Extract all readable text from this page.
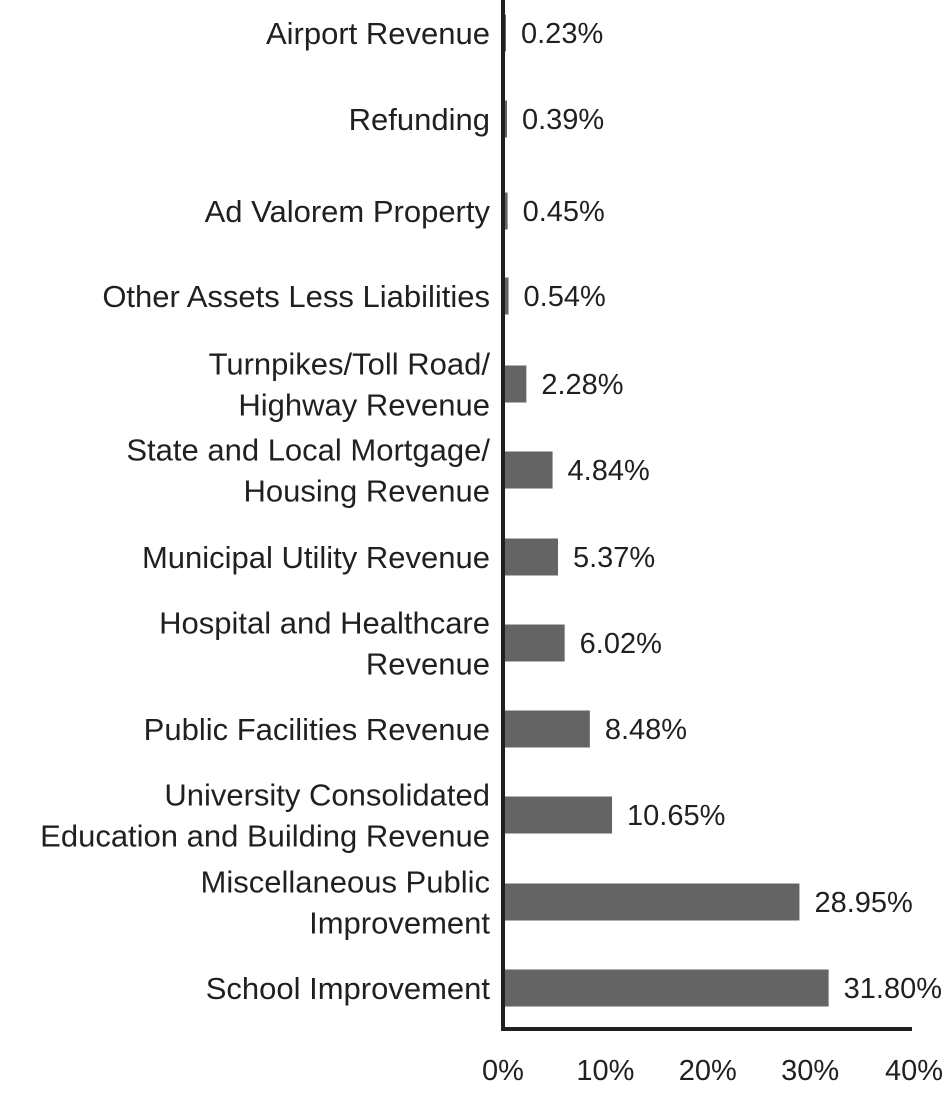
0.23%
Airport Revenue
0.39%
Refunding
0.45%
Ad Valorem Property
0.54%
Other Assets Less Liabilities
2.28%
Turnpikes/Toll Road/
Highway Revenue
4.84%
State and Local Mortgage/
Housing Revenue
5.37%
Municipal Utility Revenue
6.02%
Hospital and Healthcare
Revenue
8.48%
Public Facilities Revenue
10.65%
University Consolidated
Education and Building Revenue
28.95%
Miscellaneous Public
Improvement
31.80%
School Improvement
0% 10% 20% 30% 40%
